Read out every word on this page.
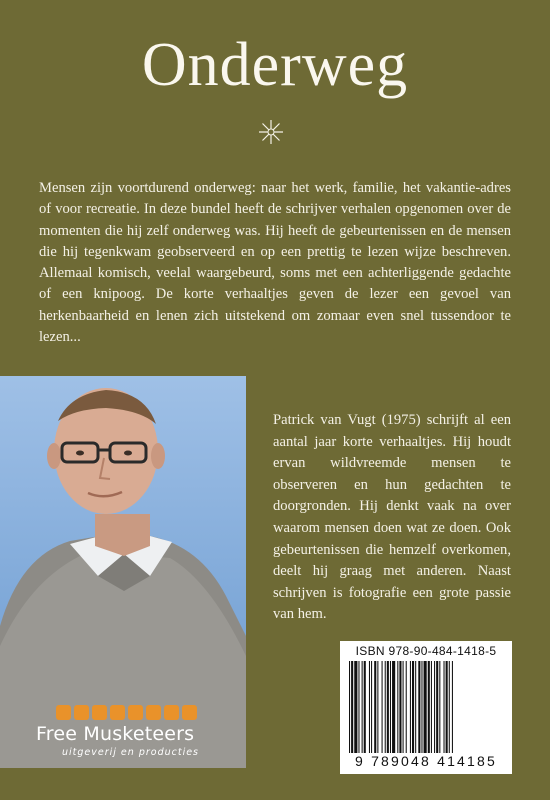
Onderweg
Mensen zijn voortdurend onderweg: naar het werk, familie, het vakantie-adres of voor recreatie. In deze bundel heeft de schrijver verhalen opgenomen over de momenten die hij zelf onderweg was. Hij heeft de gebeurtenissen en de mensen die hij tegenkwam geobserveerd en op een prettig te lezen wijze beschreven. Allemaal komisch, veelal waargebeurd, soms met een achterliggende gedachte of een knipoog. De korte verhaaltjes geven de lezer een gevoel van herkenbaarheid en lenen zich uitstekend om zomaar even snel tussendoor te lezen...
Patrick van Vugt (1975) schrijft al een aantal jaar korte verhaaltjes. Hij houdt ervan wildvreemde mensen te observeren en hun gedachten te doorgronden. Hij denkt vaak na over waarom mensen doen wat ze doen. Ook gebeurtenissen die hemzelf overkomen, deelt hij graag met anderen. Naast schrijven is fotografie een grote passie van hem.
ISBN 978-90-484-1418-5
9 789048 414185
Free Musketeers
uitgeverij en producties
